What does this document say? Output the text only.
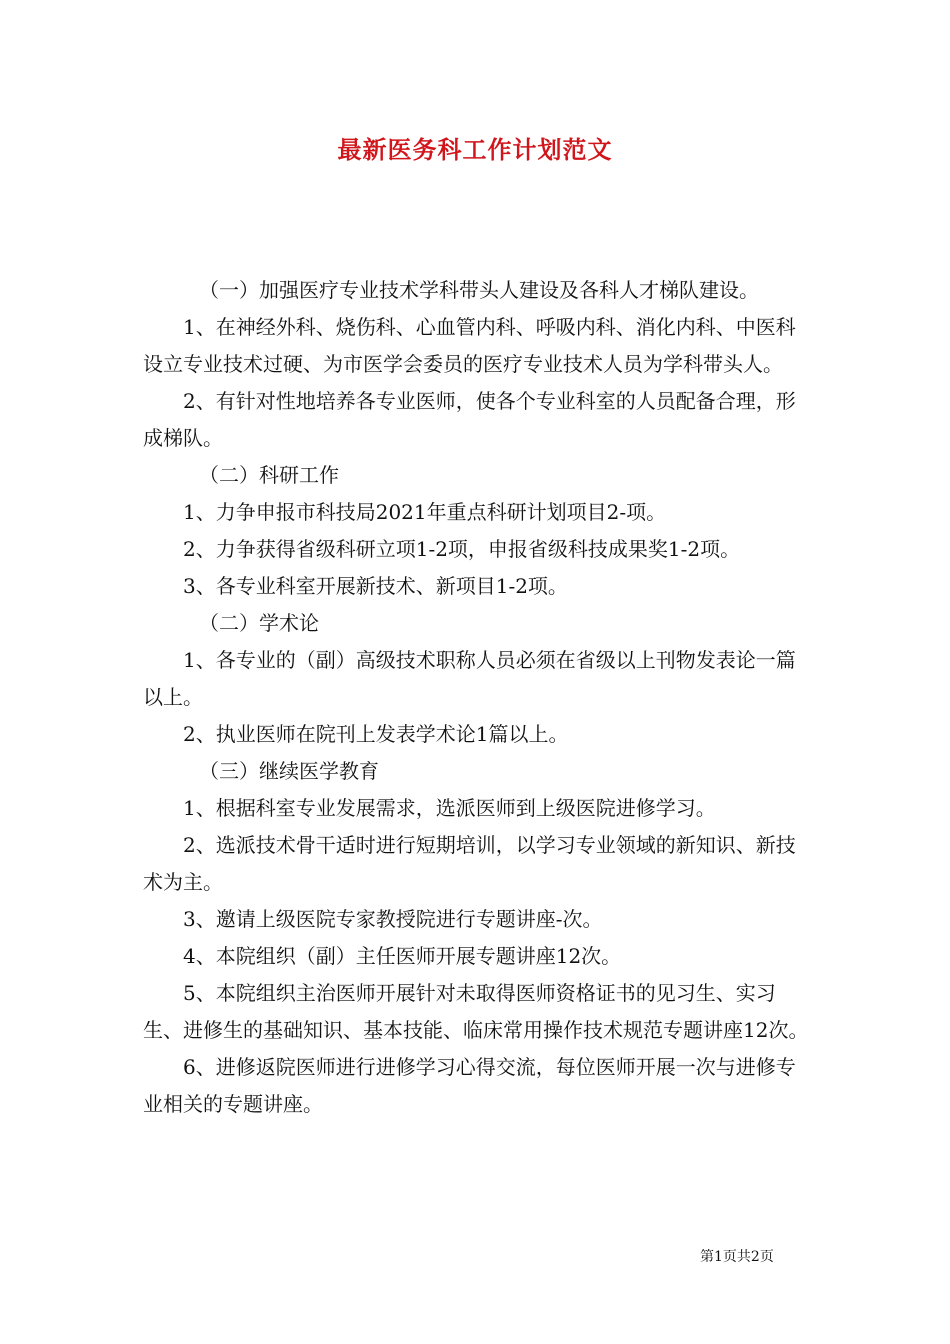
最新医务科工作计划范文

（一）加强医疗专业技术学科带头人建设及各科人才梯队建设。

1、在神经外科、烧伤科、心血管内科、呼吸内科、消化内科、中医科设立专业技术过硬、为市医学会委员的医疗专业技术人员为学科带头人。

2、有针对性地培养各专业医师，使各个专业科室的人员配备合理，形成梯队。

（二）科研工作

1、力争申报市科技局2021年重点科研计划项目2-项。

2、力争获得省级科研立项1-2项，申报省级科技成果奖1-2项。

3、各专业科室开展新技术、新项目1-2项。

（二）学术论

1、各专业的（副）高级技术职称人员必须在省级以上刊物发表论一篇以上。

2、执业医师在院刊上发表学术论1篇以上。

（三）继续医学教育

1、根据科室专业发展需求，选派医师到上级医院进修学习。

2、选派技术骨干适时进行短期培训，以学习专业领域的新知识、新技术为主。

3、邀请上级医院专家教授院进行专题讲座-次。

4、本院组织（副）主任医师开展专题讲座12次。

5、本院组织主治医师开展针对未取得医师资格证书的见习生、实习生、进修生的基础知识、基本技能、临床常用操作技术规范专题讲座12次。

6、进修返院医师进行进修学习心得交流，每位医师开展一次与进修专业相关的专题讲座。

第1页共2页
